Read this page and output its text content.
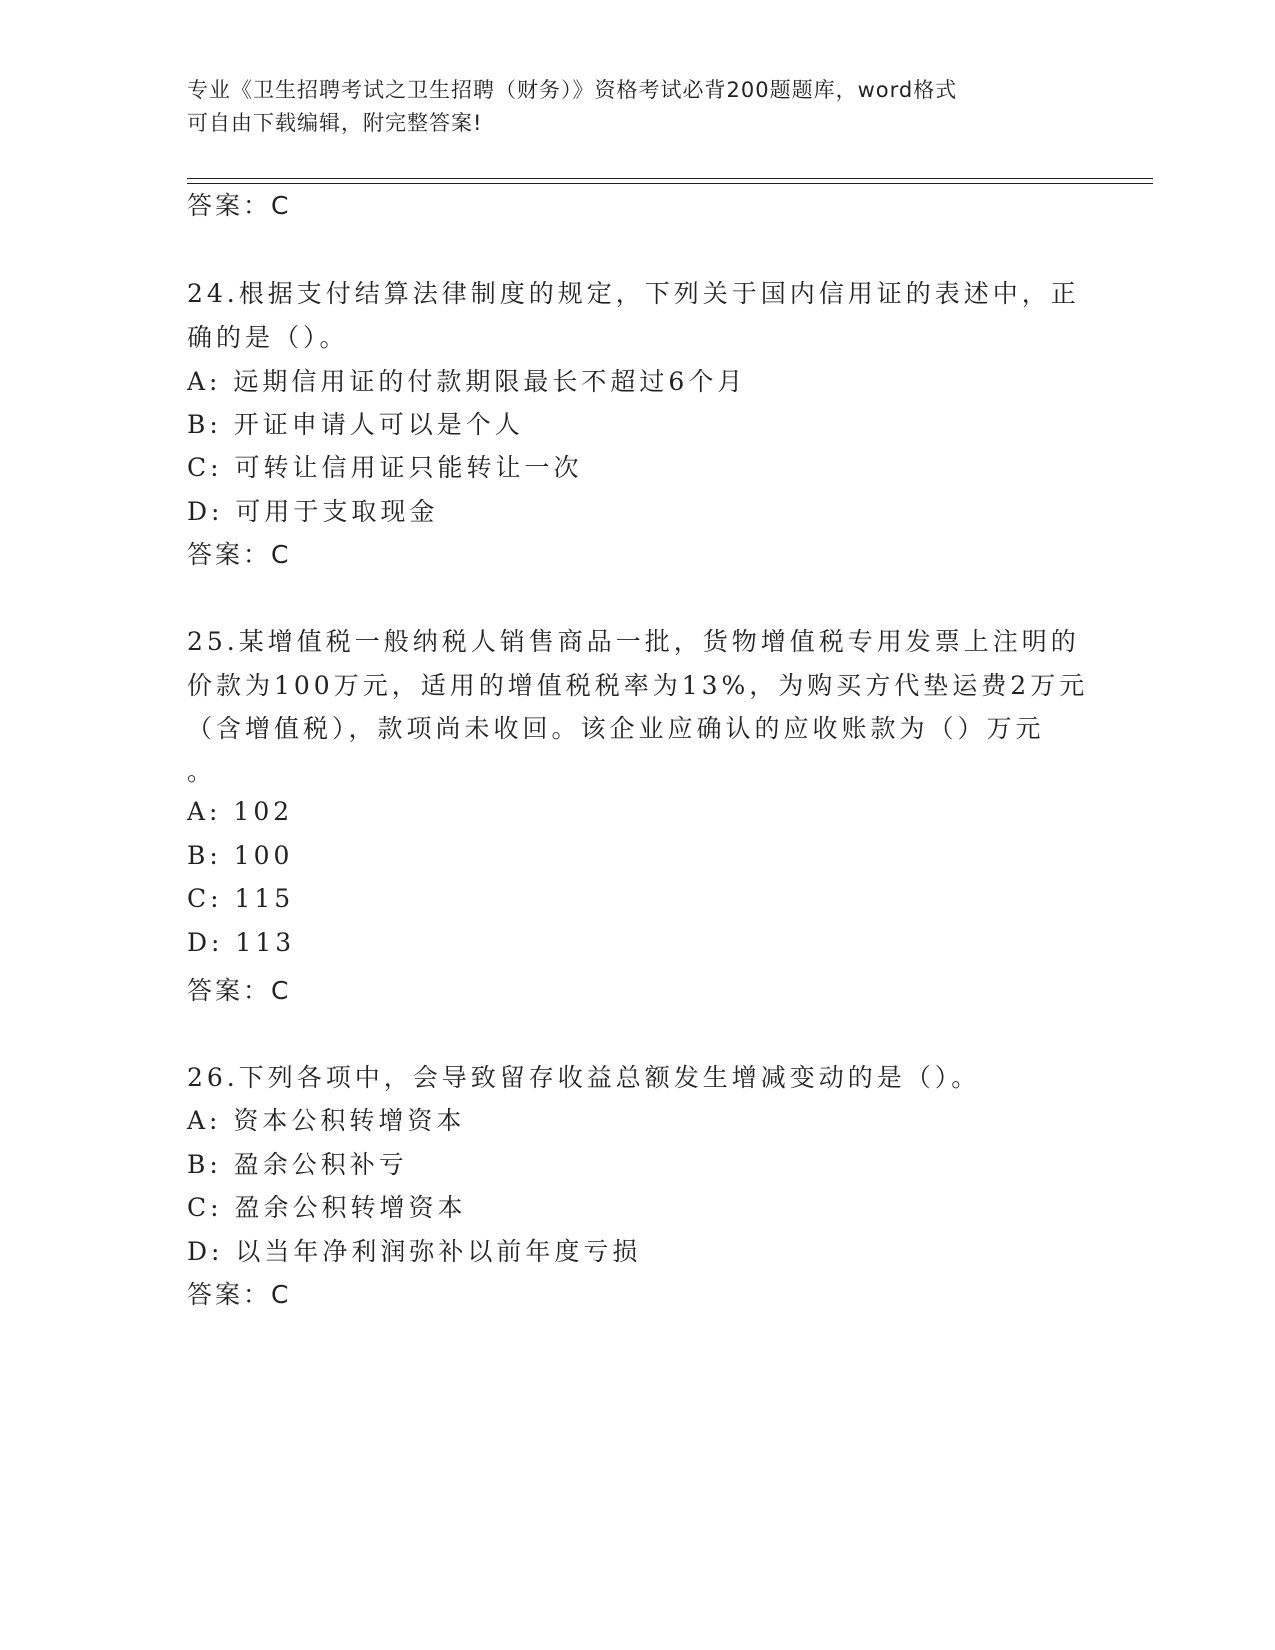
专业《卫生招聘考试之卫生招聘（财务）》资格考试必背200题题库，word格式
可自由下载编辑，附完整答案!
答案：C
24.根据支付结算法律制度的规定，下列关于国内信用证的表述中，正
确的是（）。
A: 远期信用证的付款期限最长不超过6个月
B: 开证申请人可以是个人
C: 可转让信用证只能转让一次
D: 可用于支取现金
答案：C
25.某增值税一般纳税人销售商品一批，货物增值税专用发票上注明的
价款为100万元，适用的增值税税率为13%，为购买方代垫运费2万元
（含增值税），款项尚未收回。该企业应确认的应收账款为（）万元
。
A: 102
B: 100
C: 115
D: 113
答案：C
26.下列各项中，会导致留存收益总额发生增减变动的是（）。
A: 资本公积转增资本
B: 盈余公积补亏
C: 盈余公积转增资本
D: 以当年净利润弥补以前年度亏损
答案：C
